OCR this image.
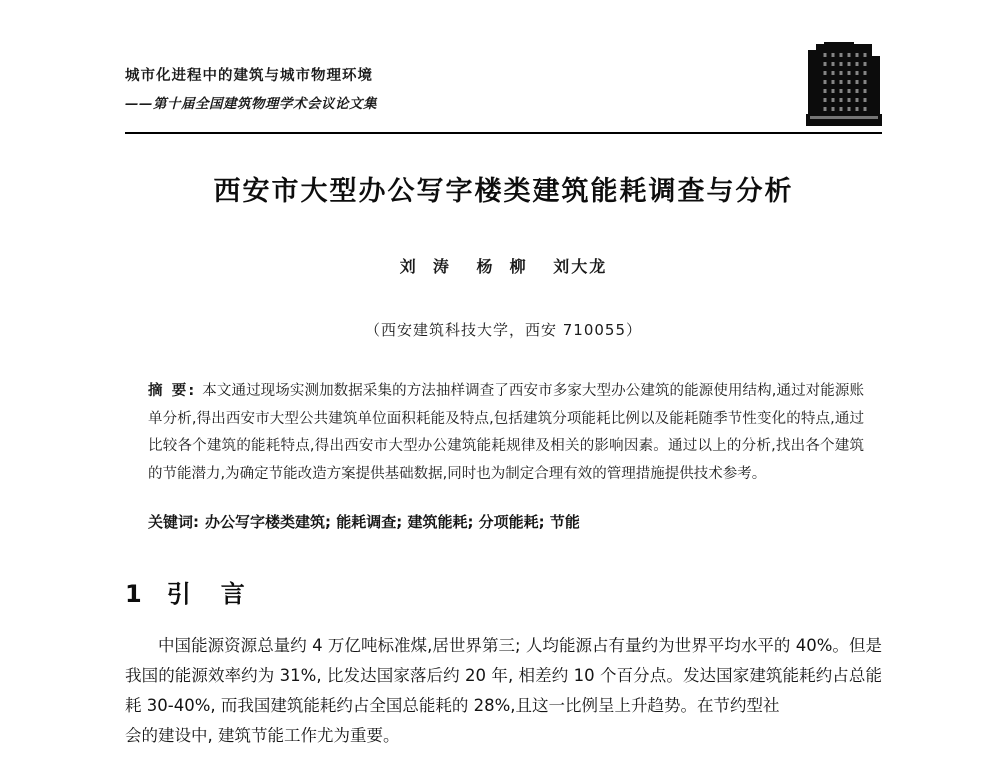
城市化进程中的建筑与城市物理环境
——第十届全国建筑物理学术会议论文集
西安市大型办公写字楼类建筑能耗调查与分析
刘  涛　 杨  柳　 刘大龙
（西安建筑科技大学，西安 710055）

摘 要: 本文通过现场实测加数据采集的方法抽样调查了西安市多家大型办公建筑的能源使用结构,通过对能源账单分析,得出西安市大型公共建筑单位面积耗能及特点,包括建筑分项能耗比例以及能耗随季节性变化的特点,通过比较各个建筑的能耗特点,得出西安市大型办公建筑能耗规律及相关的影响因素。通过以上的分析,找出各个建筑的节能潜力,为确定节能改造方案提供基础数据,同时也为制定合理有效的管理措施提供技术参考。

关键词: 办公写字楼类建筑; 能耗调查; 建筑能耗; 分项能耗; 节能

1 引　言

中国能源资源总量约 4 万亿吨标准煤,居世界第三; 人均能源占有量约为世界平均水平的 40%。但是我国的能源效率约为 31%, 比发达国家落后约 20 年, 相差约 10 个百分点。发达国家建筑能耗约占总能耗 30-40%, 而我国建筑能耗约占全国总能耗的 28%,且这一比例呈上升趋势。在节约型社

会的建设中, 建筑节能工作尤为重要。
